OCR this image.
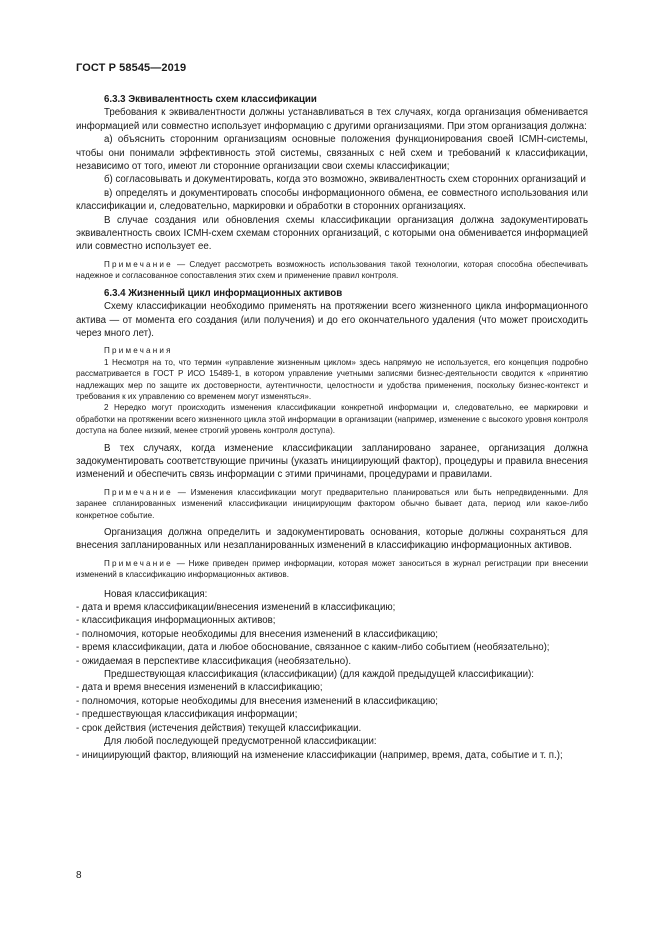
ГОСТ Р 58545—2019
6.3.3 Эквивалентность схем классификации

Требования к эквивалентности должны устанавливаться в тех случаях, когда организация обменивается информацией или совместно использует информацию с другими организациями. При этом организация должна:

а) объяснить сторонним организациям основные положения функционирования своей ICMH-системы, чтобы они понимали эффективность этой системы, связанных с ней схем и требований к классификации, независимо от того, имеют ли сторонние организации свои схемы классификации;

б) согласовывать и документировать, когда это возможно, эквивалентность схем сторонних организаций и

в) определять и документировать способы информационного обмена, ее совместного использования или классификации и, следовательно, маркировки и обработки в сторонних организациях.

В случае создания или обновления схемы классификации организация должна задокументировать эквивалентность своих ICMH-схем схемам сторонних организаций, с которыми она обменивается информацией или совместно использует ее.

Примечание — Следует рассмотреть возможность использования такой технологии, которая способна обеспечивать надежное и согласованное сопоставления этих схем и применение правил контроля.

6.3.4 Жизненный цикл информационных активов

Схему классификации необходимо применять на протяжении всего жизненного цикла информационного актива — от момента его создания (или получения) и до его окончательного удаления (что может происходить через много лет).

Примечания

1 Несмотря на то, что термин «управление жизненным циклом» здесь напрямую не используется, его концепция подробно рассматривается в ГОСТ Р ИСО 15489-1, в котором управление учетными записями бизнес-деятельности сводится к «принятию надлежащих мер по защите их достоверности, аутентичности, целостности и удобства применения, поскольку бизнес-контекст и требования к их управлению со временем могут изменяться».

2 Нередко могут происходить изменения классификации конкретной информации и, следовательно, ее маркировки и обработки на протяжении всего жизненного цикла этой информации в организации (например, изменение с высокого уровня контроля доступа на более низкий, менее строгий уровень контроля доступа).

В тех случаях, когда изменение классификации запланировано заранее, организация должна задокументировать соответствующие причины (указать инициирующий фактор), процедуры и правила внесения изменений и обеспечить связь информации с этими причинами, процедурами и правилами.

Примечание — Изменения классификации могут предварительно планироваться или быть непредвиденными. Для заранее спланированных изменений классификации инициирующим фактором обычно бывает дата, период или какое-либо конкретное событие.

Организация должна определить и задокументировать основания, которые должны сохраняться для внесения запланированных или незапланированных изменений в классификацию информационных активов.

Примечание — Ниже приведен пример информации, которая может заноситься в журнал регистрации при внесении изменений в классификацию информационных активов.

Новая классификация:

- дата и время классификации/внесения изменений в классификацию;

- классификация информационных активов;

- полномочия, которые необходимы для внесения изменений в классификацию;

- время классификации, дата и любое обоснование, связанное с каким-либо событием (необязательно);

- ожидаемая в перспективе классификация (необязательно).

Предшествующая классификация (классификации) (для каждой предыдущей классификации):

- дата и время внесения изменений в классификацию;

- полномочия, которые необходимы для внесения изменений в классификацию;

- предшествующая классификация информации;

- срок действия (истечения действия) текущей классификации.

Для любой последующей предусмотренной классификации:

- инициирующий фактор, влияющий на изменение классификации (например, время, дата, событие и т. п.);

8
